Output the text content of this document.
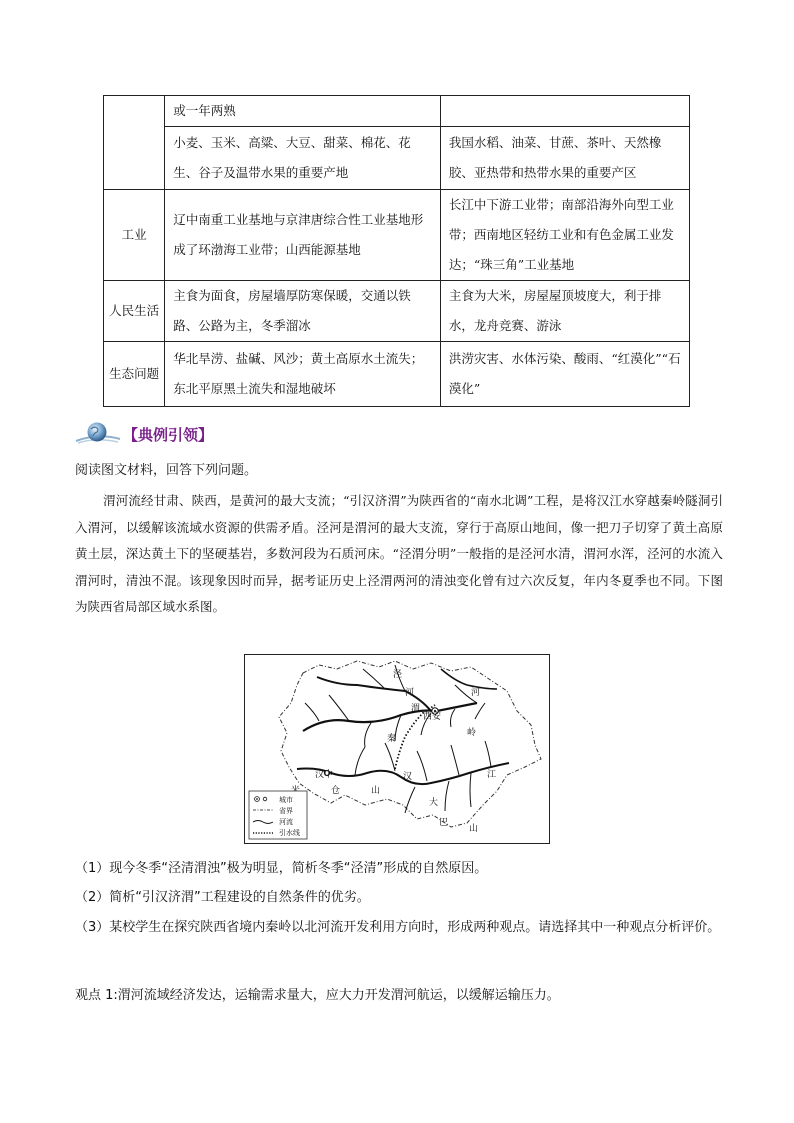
	或一年两熟	
	小麦、玉米、高粱、大豆、甜菜、棉花、花生、谷子及温带水果的重要产地	我国水稻、油菜、甘蔗、茶叶、天然橡胶、亚热带和热带水果的重要产区
工业	辽中南重工业基地与京津唐综合性工业基地形成了环渤海工业带；山西能源基地	长江中下游工业带；南部沿海外向型工业带；西南地区轻纺工业和有色金属工业发达；“珠三角”工业基地
人民生活	主食为面食，房屋墙厚防寒保暖，交通以铁路、公路为主，冬季溜冰	主食为大米，房屋屋顶坡度大，利于排水，龙舟竞赛、游泳
生态问题	华北旱涝、盐碱、风沙；黄土高原水土流失；东北平原黑土流失和湿地破坏	洪涝灾害、水体污染、酸雨、“红漠化”“石漠化”
【典例引领】
阅读图文材料，回答下列问题。
渭河流经甘肃、陕西，是黄河的最大支流；“引汉济渭”为陕西省的“南水北调”工程，是将汉江水穿越秦岭隧洞引入渭河，以缓解该流域水资源的供需矛盾。泾河是渭河的最大支流，穿行于高原山地间，像一把刀子切穿了黄土高原黄土层，深达黄土下的坚硬基岩，多数河段为石质河床。“泾渭分明”一般指的是泾河水清，渭河水浑，泾河的水流入渭河时，清浊不混。该现象因时而异，据考证历史上泾渭两河的清浊变化曾有过六次反复，年内冬夏季也不同。下图为陕西省局部区域水系图。
泾
河	河
渭
西安
秦
岭
汉中	汉	江
仓	山
大
巴
山
城市
省界
河流
引水线
（1）现今冬季“泾清渭浊”极为明显，简析冬季“泾清”形成的自然原因。
（2）简析“引汉济渭”工程建设的自然条件的优劣。
（3）某校学生在探究陕西省境内秦岭以北河流开发利用方向时，形成两种观点。请选择其中一种观点分析评价。
观点 1:渭河流域经济发达，运输需求量大，应大力开发渭河航运，以缓解运输压力。
